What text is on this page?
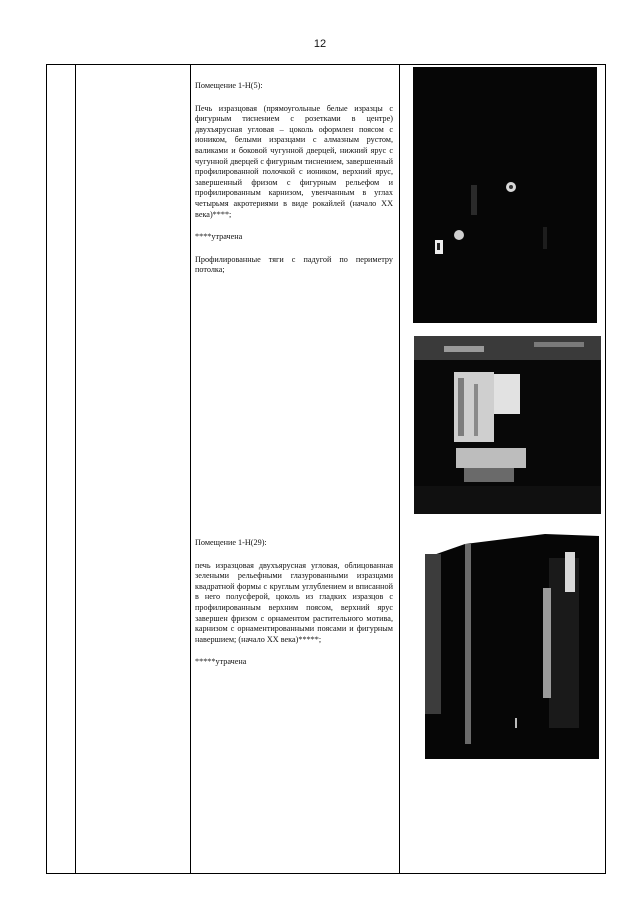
12

Помещение 1-Н(5):

Печь изразцовая (прямоугольные белые изразцы с фигурным тиснением с розетками в центре) двухъярусная угловая – цоколь оформлен поясом с иоником, белыми изразцами с алмазным рустом, валиками и боковой чугунной дверцей, нижний ярус с чугунной дверцей с фигурным тиснением, завершенный профилированной полочкой с иоником, верхний ярус, завершенный фризом с фигурным рельефом и профилированным карнизом, увенчанным в углах четырьмя акротериями в виде рокайлей (начало XX века)****;

****утрачена

Профилированные тяги с падугой по периметру потолка;

Помещение 1-Н(29):

печь изразцовая двухъярусная угловая, облицованная зелеными рельефными глазурованными изразцами квадратной формы с круглым углублением и вписанной в него полусферой, цоколь из гладких изразцов с профилированным верхним поясом, верхний ярус завершен фризом с орнаментом растительного мотива, карнизом с орнаментированными поясами и фигурным навершием; (начало XX века)*****;

*****утрачена
